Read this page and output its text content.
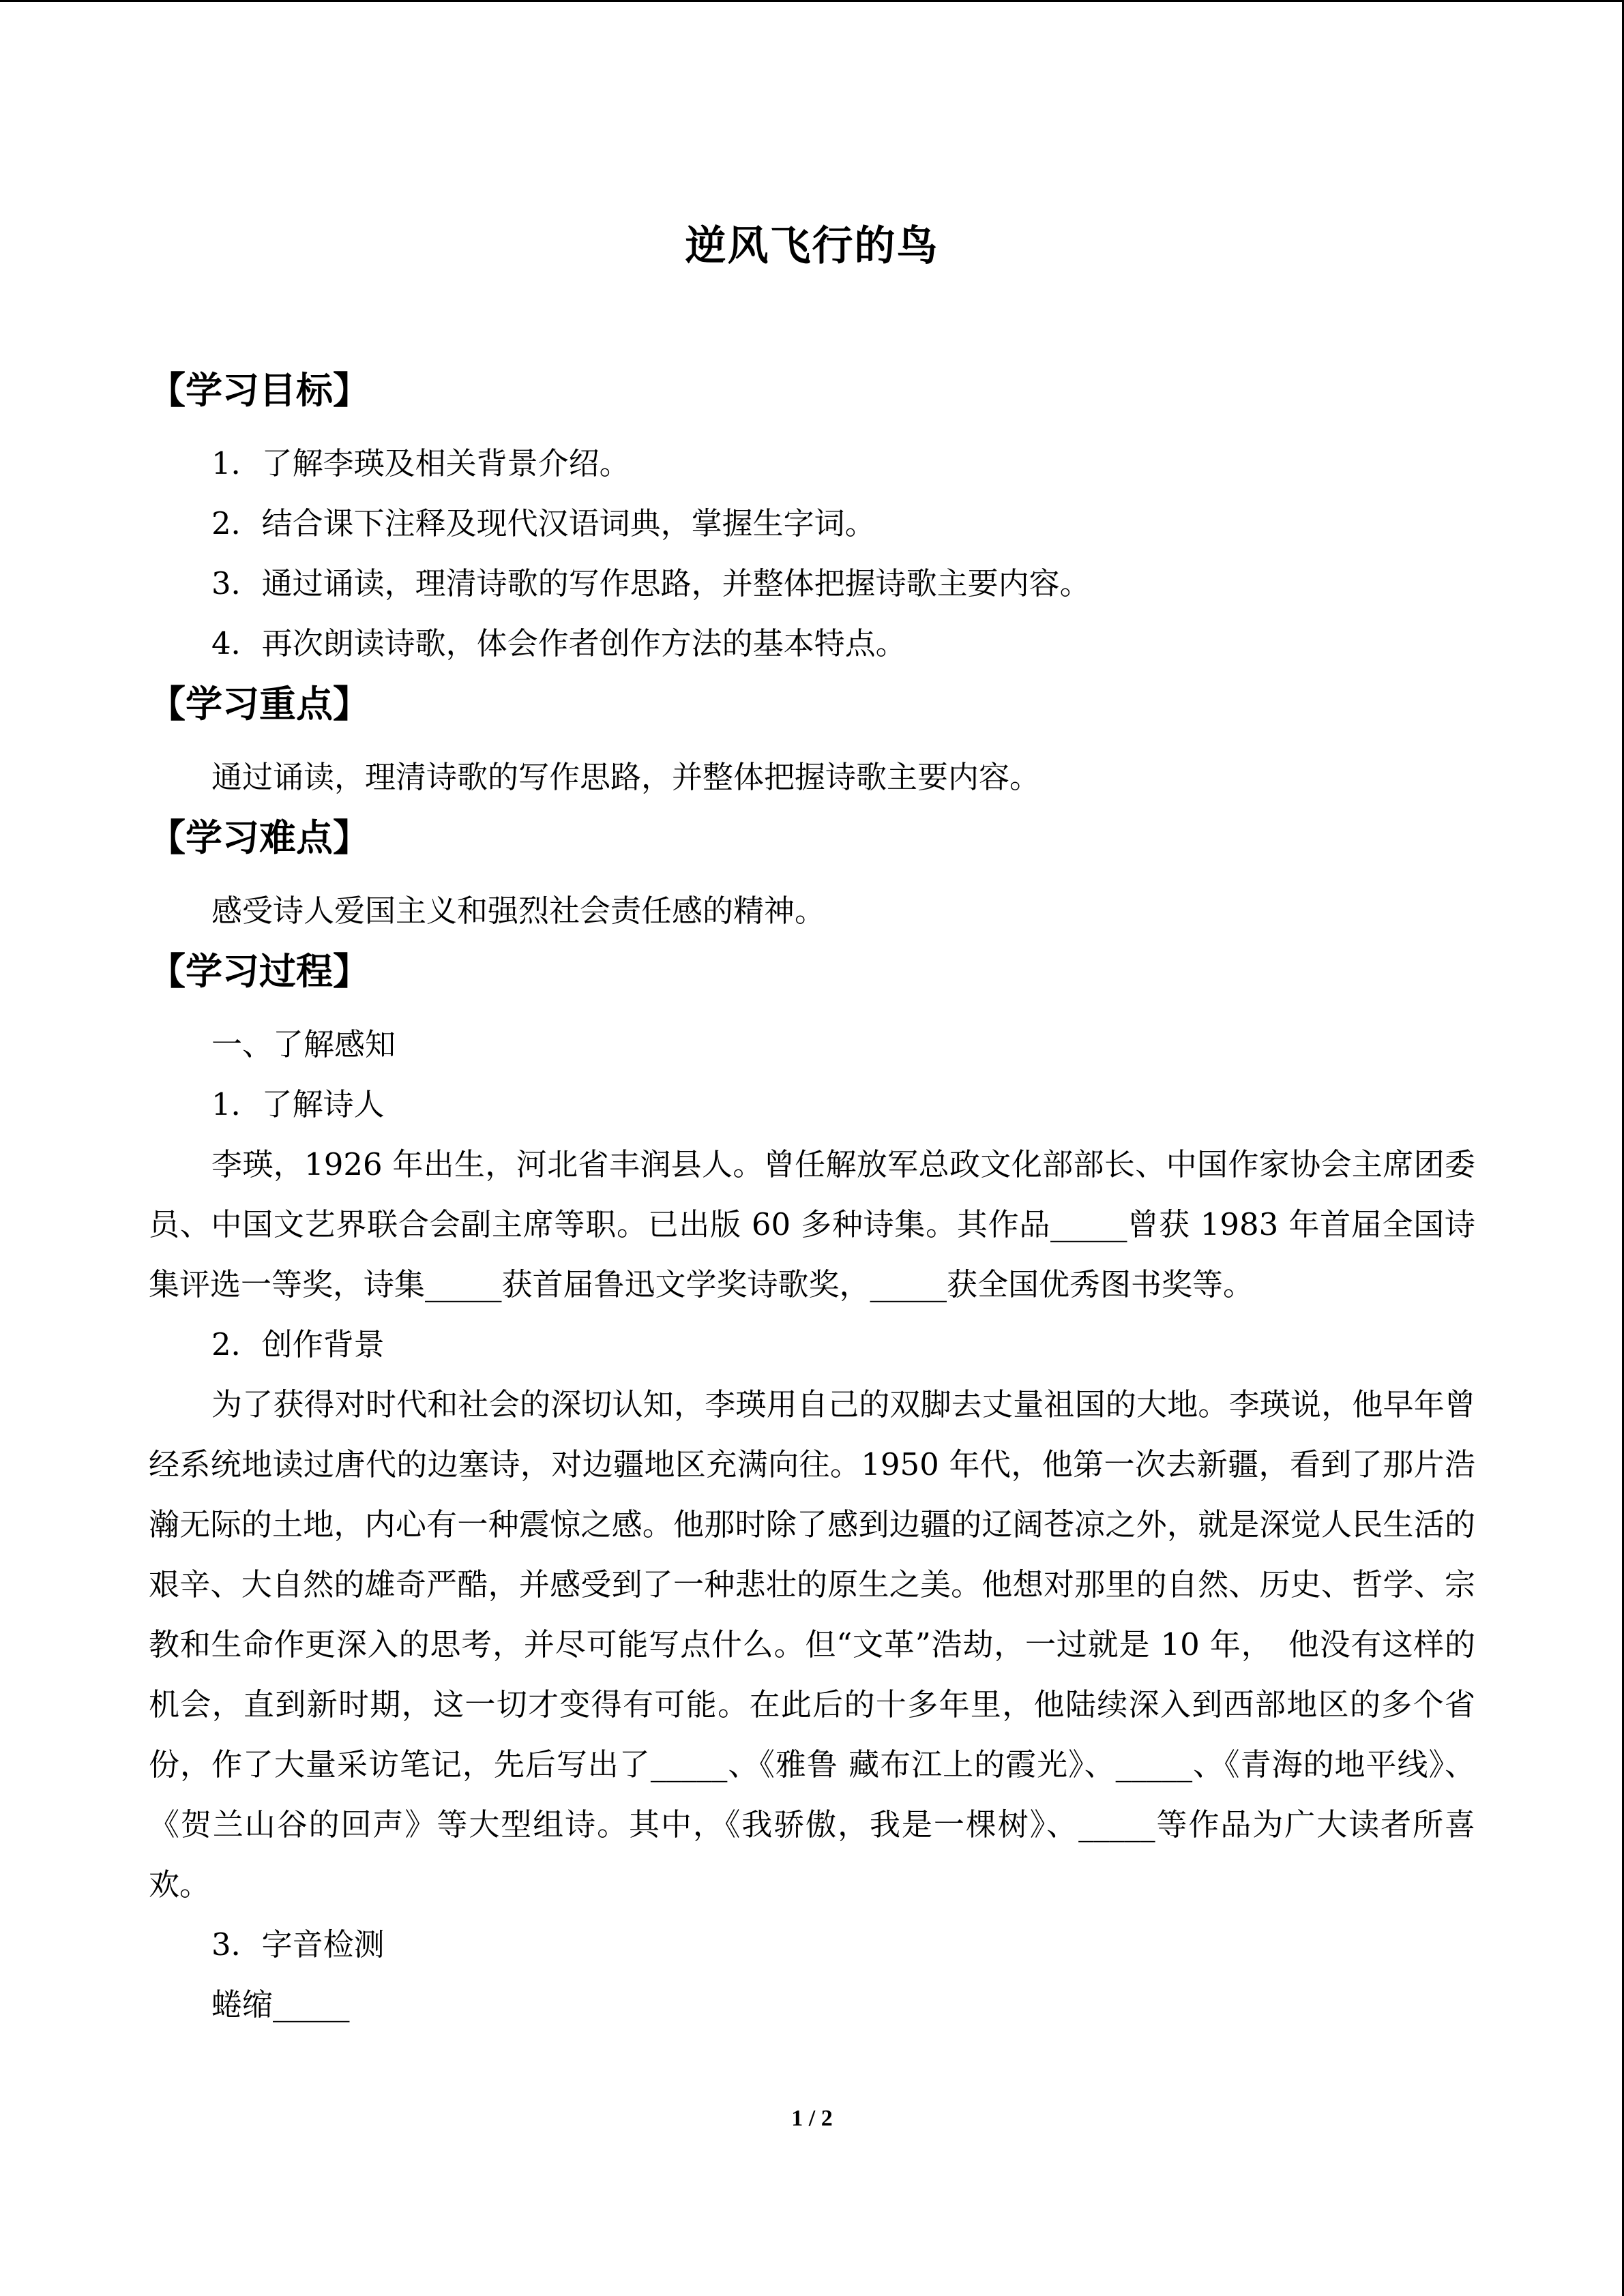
逆风飞行的鸟
【学习目标】
1．了解李瑛及相关背景介绍。
2．结合课下注释及现代汉语词典，掌握生字词。
3．通过诵读，理清诗歌的写作思路，并整体把握诗歌主要内容。
4．再次朗读诗歌，体会作者创作方法的基本特点。
【学习重点】
通过诵读，理清诗歌的写作思路，并整体把握诗歌主要内容。
【学习难点】
感受诗人爱国主义和强烈社会责任感的精神。
【学习过程】
一、了解感知
1．了解诗人
李瑛，1926 年出生，河北省丰润县人。曾任解放军总政文化部部长、中国作家协会主席团委员、中国文艺界联合会副主席等职。已出版 60 多种诗集。其作品_____曾获 1983 年首届全国诗集评选一等奖，诗集_____获首届鲁迅文学奖诗歌奖，_____获全国优秀图书奖等。
2．创作背景
为了获得对时代和社会的深切认知，李瑛用自己的双脚去丈量祖国的大地。李瑛说，他早年曾经系统地读过唐代的边塞诗，对边疆地区充满向往。1950 年代，他第一次去新疆，看到了那片浩瀚无际的土地，内心有一种震惊之感。他那时除了感到边疆的辽阔苍凉之外，就是深觉人民生活的艰辛、大自然的雄奇严酷，并感受到了一种悲壮的原生之美。他想对那里的自然、历史、哲学、宗教和生命作更深入的思考，并尽可能写点什么。但“文革”浩劫，一过就是 10 年，　他没有这样的机会，直到新时期，这一切才变得有可能。在此后的十多年里，他陆续深入到西部地区的多个省份，作了大量采访笔记，先后写出了_____、《雅鲁 藏布江上的霞光》、_____、《青海的地平线》、《贺兰山谷的回声》等大型组诗。其中，《我骄傲，我是一棵树》、_____等作品为广大读者所喜欢。
3．字音检测
蜷缩_____
1 / 2
